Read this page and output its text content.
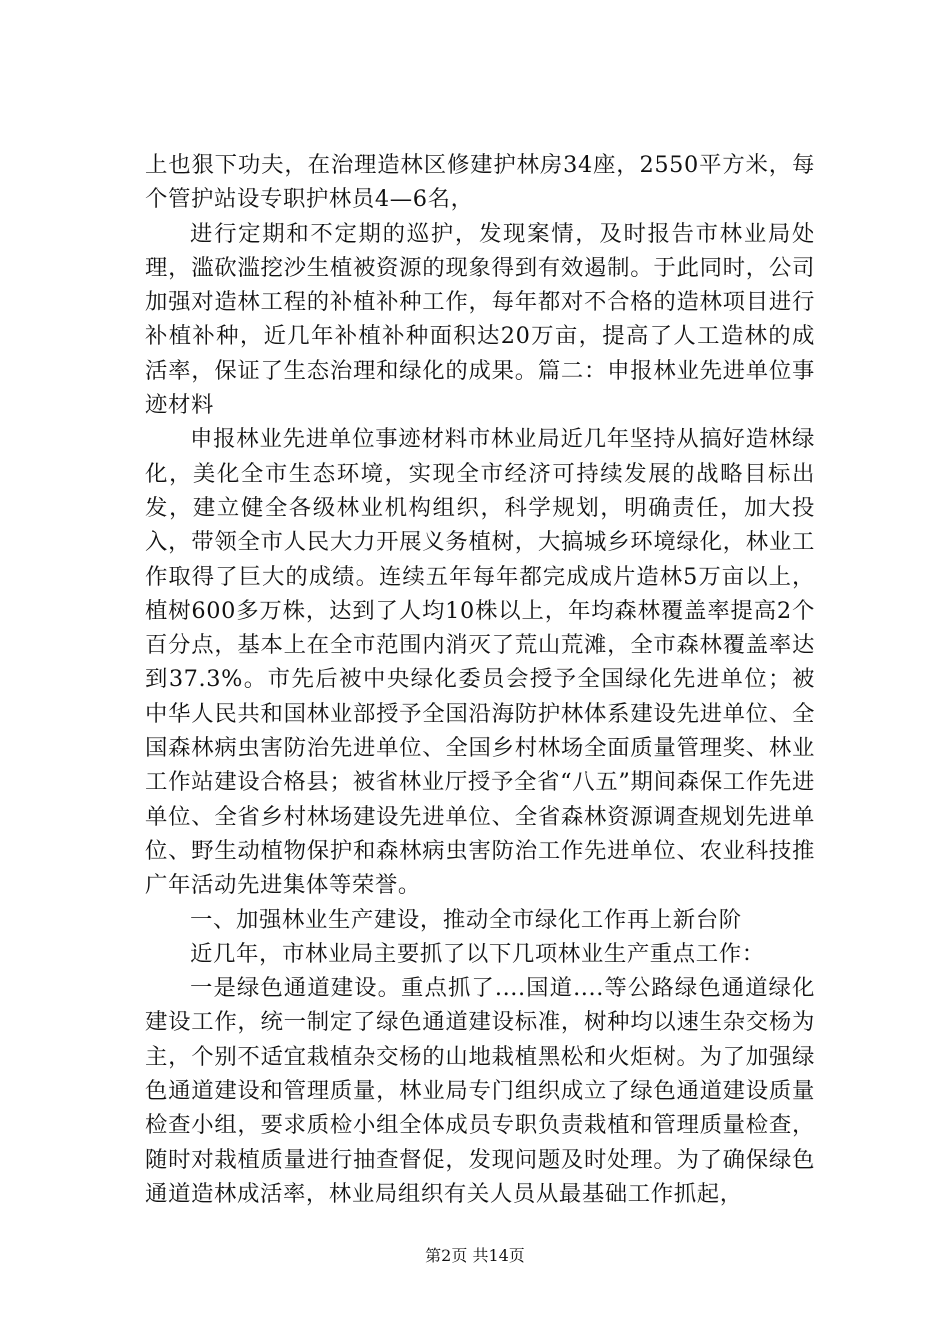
上也狠下功夫，在治理造林区修建护林房34座，2550平方米，每个管护站设专职护林员4—6名，

进行定期和不定期的巡护，发现案情，及时报告市林业局处理，滥砍滥挖沙生植被资源的现象得到有效遏制。于此同时，公司加强对造林工程的补植补种工作，每年都对不合格的造林项目进行补植补种，近几年补植补种面积达20万亩，提高了人工造林的成活率，保证了生态治理和绿化的成果。篇二：申报林业先进单位事迹材料

申报林业先进单位事迹材料市林业局近几年坚持从搞好造林绿化，美化全市生态环境，实现全市经济可持续发展的战略目标出发，建立健全各级林业机构组织，科学规划，明确责任，加大投入，带领全市人民大力开展义务植树，大搞城乡环境绿化，林业工作取得了巨大的成绩。连续五年每年都完成成片造林5万亩以上，植树600多万株，达到了人均10株以上，年均森林覆盖率提高2个百分点，基本上在全市范围内消灭了荒山荒滩，全市森林覆盖率达到37.3%。市先后被中央绿化委员会授予全国绿化先进单位；被中华人民共和国林业部授予全国沿海防护林体系建设先进单位、全国森林病虫害防治先进单位、全国乡村林场全面质量管理奖、林业工作站建设合格县；被省林业厅授予全省“八五”期间森保工作先进单位、全省乡村林场建设先进单位、全省森林资源调查规划先进单位、野生动植物保护和森林病虫害防治工作先进单位、农业科技推广年活动先进集体等荣誉。

一、加强林业生产建设，推动全市绿化工作再上新台阶

近几年，市林业局主要抓了以下几项林业生产重点工作：

一是绿色通道建设。重点抓了....国道....等公路绿色通道绿化建设工作，统一制定了绿色通道建设标准，树种均以速生杂交杨为主，个别不适宜栽植杂交杨的山地栽植黑松和火炬树。为了加强绿色通道建设和管理质量，林业局专门组织成立了绿色通道建设质量检查小组，要求质检小组全体成员专职负责栽植和管理质量检查，随时对栽植质量进行抽查督促，发现问题及时处理。为了确保绿色通道造林成活率，林业局组织有关人员从最基础工作抓起，

第2页 共14页
